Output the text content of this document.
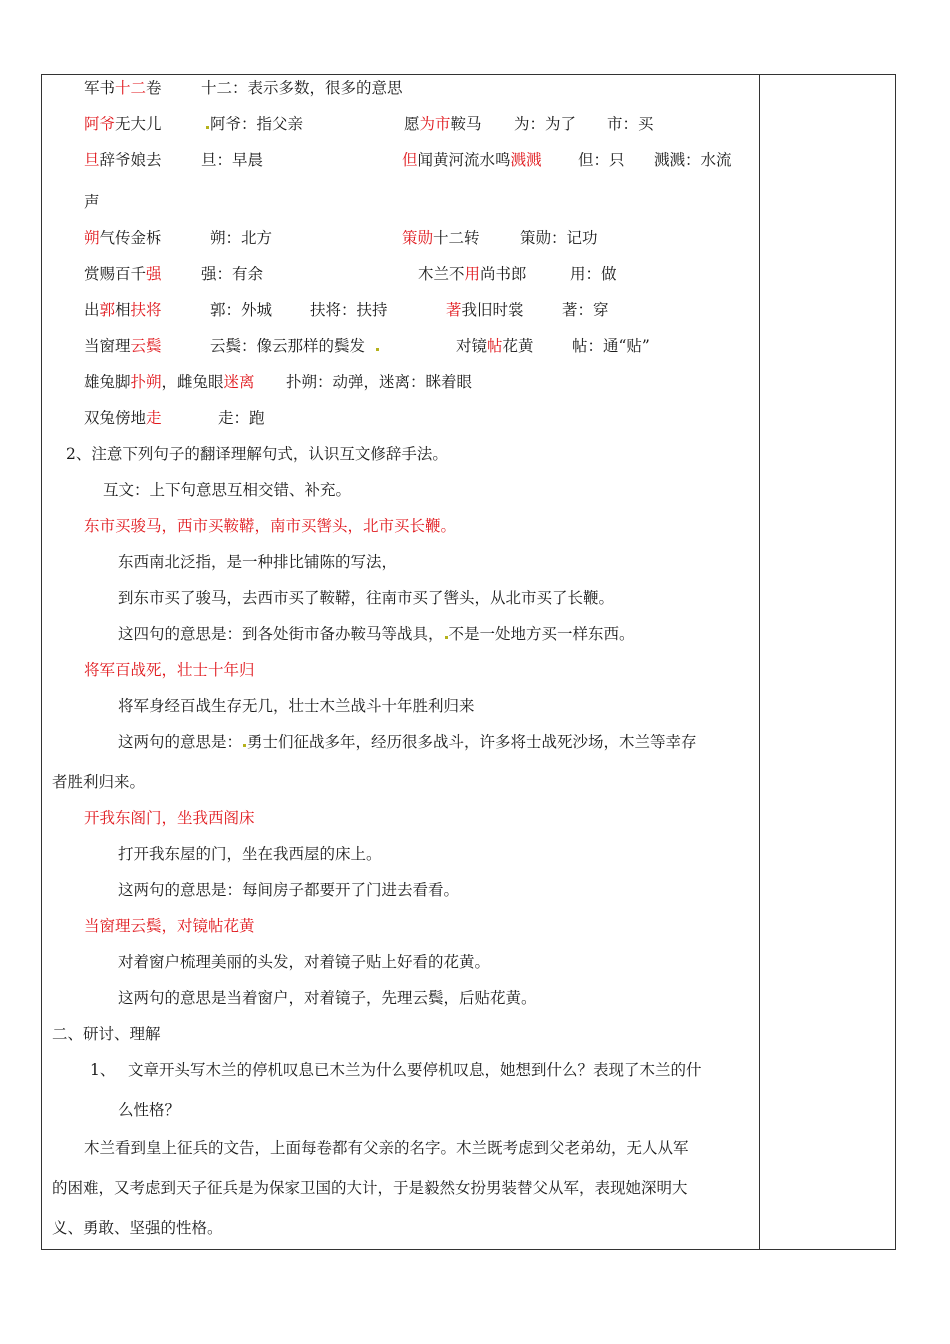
军书十二卷	十二：表示多数，很多的意思
阿爷无大儿	阿爷：指父亲	愿为市鞍马 为：为了 市：买
旦辞爷娘去	旦：早晨	但闻黄河流水鸣溅溅 但：只 溅溅：水流
声
朔气传金柝	朔：北方	策勋十二转	策勋：记功
赏赐百千强	强：有余	木兰不用尚书郎	用：做
出郭相扶将	郭：外城 扶将：扶持	著我旧时裳 著：穿
当窗理云鬓	云鬓：像云那样的鬓发	对镜帖花黄 帖：通“贴”
雄兔脚扑朔，雌兔眼迷离 扑朔：动弹，迷离：眯着眼
双兔傍地走	走：跑
2、注意下列句子的翻译理解句式，认识互文修辞手法。
互文：上下句意思互相交错、补充。
东市买骏马，西市买鞍鞯，南市买辔头，北市买长鞭。
东西南北泛指，是一种排比铺陈的写法，
到东市买了骏马，去西市买了鞍鞯，往南市买了辔头，从北市买了长鞭。
这四句的意思是：到各处街市备办鞍马等战具， 不是一处地方买一样东西。
将军百战死，壮士十年归
将军身经百战生存无几，壮士木兰战斗十年胜利归来
这两句的意思是： 勇士们征战多年，经历很多战斗，许多将士战死沙场，木兰等幸存
者胜利归来。
开我东阁门，坐我西阁床
打开我东屋的门，坐在我西屋的床上。
这两句的意思是：每间房子都要开了门进去看看。
当窗理云鬓，对镜帖花黄
对着窗户梳理美丽的头发，对着镜子贴上好看的花黄。
这两句的意思是当着窗户，对着镜子，先理云鬓，后贴花黄。
二、研讨、理解
1、 文章开头写木兰的停机叹息已木兰为什么要停机叹息，她想到什么？表现了木兰的什
么性格？
木兰看到皇上征兵的文告，上面每卷都有父亲的名字。木兰既考虑到父老弟幼，无人从军
的困难，又考虑到天子征兵是为保家卫国的大计，于是毅然女扮男装替父从军，表现她深明大
义、勇敢、坚强的性格。
